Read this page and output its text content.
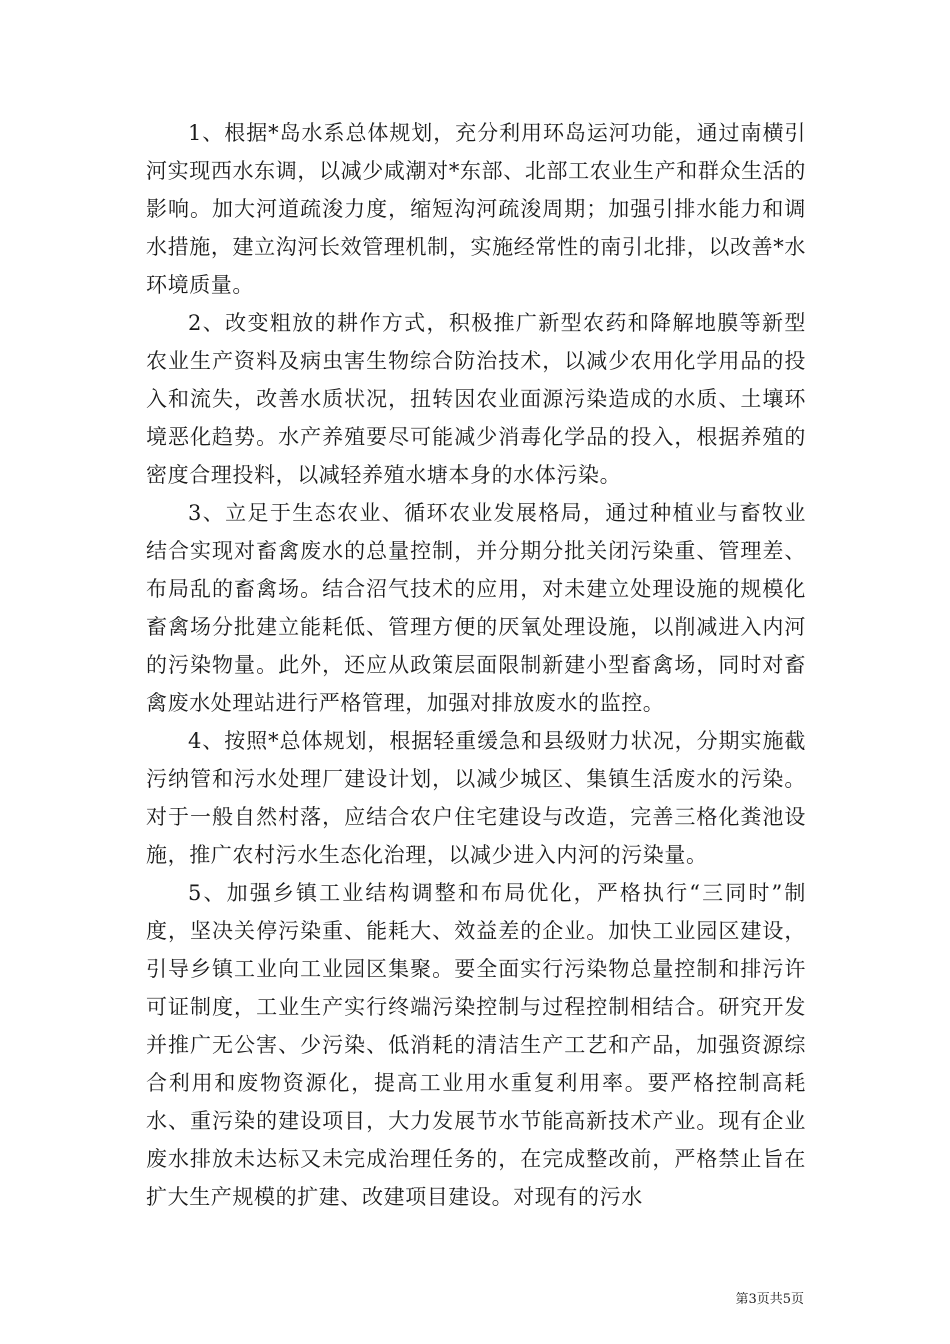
1、根据*岛水系总体规划，充分利用环岛运河功能，通过南横引河实现西水东调，以减少咸潮对*东部、北部工农业生产和群众生活的影响。加大河道疏浚力度，缩短沟河疏浚周期；加强引排水能力和调水措施，建立沟河长效管理机制，实施经常性的南引北排，以改善*水环境质量。

2、改变粗放的耕作方式，积极推广新型农药和降解地膜等新型农业生产资料及病虫害生物综合防治技术，以减少农用化学用品的投入和流失，改善水质状况，扭转因农业面源污染造成的水质、土壤环境恶化趋势。水产养殖要尽可能减少消毒化学品的投入，根据养殖的密度合理投料，以减轻养殖水塘本身的水体污染。

3、立足于生态农业、循环农业发展格局，通过种植业与畜牧业结合实现对畜禽废水的总量控制，并分期分批关闭污染重、管理差、布局乱的畜禽场。结合沼气技术的应用，对未建立处理设施的规模化畜禽场分批建立能耗低、管理方便的厌氧处理设施，以削减进入内河的污染物量。此外，还应从政策层面限制新建小型畜禽场，同时对畜禽废水处理站进行严格管理，加强对排放废水的监控。

4、按照*总体规划，根据轻重缓急和县级财力状况，分期实施截污纳管和污水处理厂建设计划，以减少城区、集镇生活废水的污染。对于一般自然村落，应结合农户住宅建设与改造，完善三格化粪池设施，推广农村污水生态化治理，以减少进入内河的污染量。

5、加强乡镇工业结构调整和布局优化，严格执行“三同时”制度，坚决关停污染重、能耗大、效益差的企业。加快工业园区建设，引导乡镇工业向工业园区集聚。要全面实行污染物总量控制和排污许可证制度，工业生产实行终端污染控制与过程控制相结合。研究开发并推广无公害、少污染、低消耗的清洁生产工艺和产品，加强资源综合利用和废物资源化，提高工业用水重复利用率。要严格控制高耗水、重污染的建设项目，大力发展节水节能高新技术产业。现有企业废水排放未达标又未完成治理任务的，在完成整改前，严格禁止旨在扩大生产规模的扩建、改建项目建设。对现有的污水

第3页共5页
